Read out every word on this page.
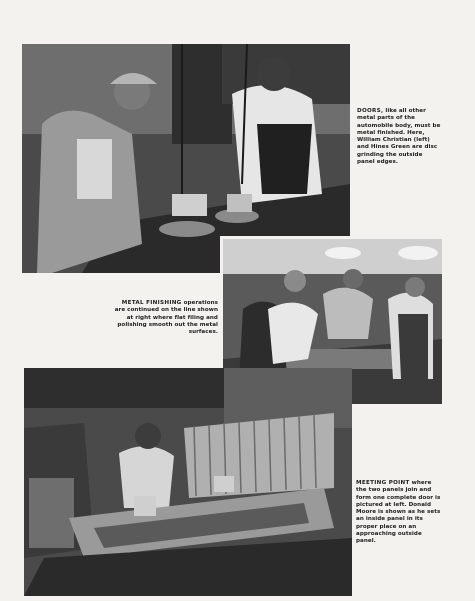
DOORS, like all other metal parts of the automobile body, must be metal finished. Here, William Christian (left) and Hines Green are disc grinding the outside panel edges.
METAL FINISHING operations are continued on the line shown at right where flat filing and polishing smooth out the metal surfaces.
MEETING POINT where the two panels join and form one complete door is pictured at left. Donald Moore is shown as he sets an inside panel in its proper place on an approaching outside panel.
